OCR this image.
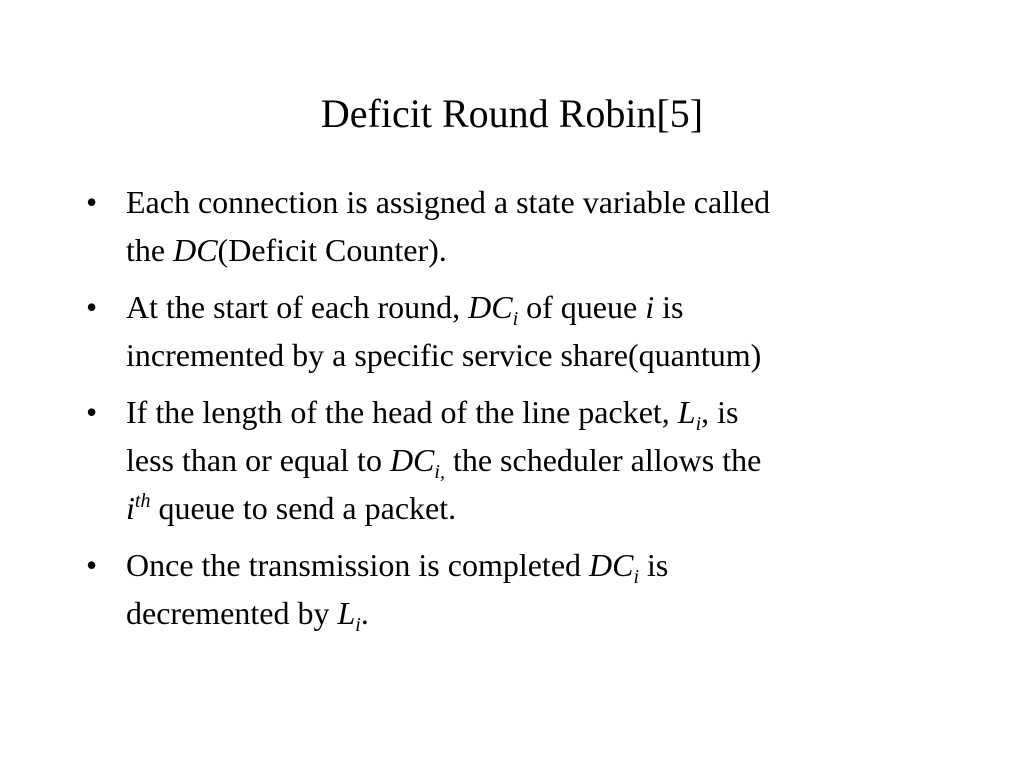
Deficit Round Robin[5]
• Each connection is assigned a state variable called
the DC(Deficit Counter).
• At the start of each round, $DC_i$ of queue i is
incremented by a specific service share(quantum)
• If the length of the head of the line packet, $L_i$, is
less than or equal to $DC_{i,}$ the scheduler allows the
$i^{th}$ queue to send a packet.
• Once the transmission is completed $DC_i$ is
decremented by $L_i$.
